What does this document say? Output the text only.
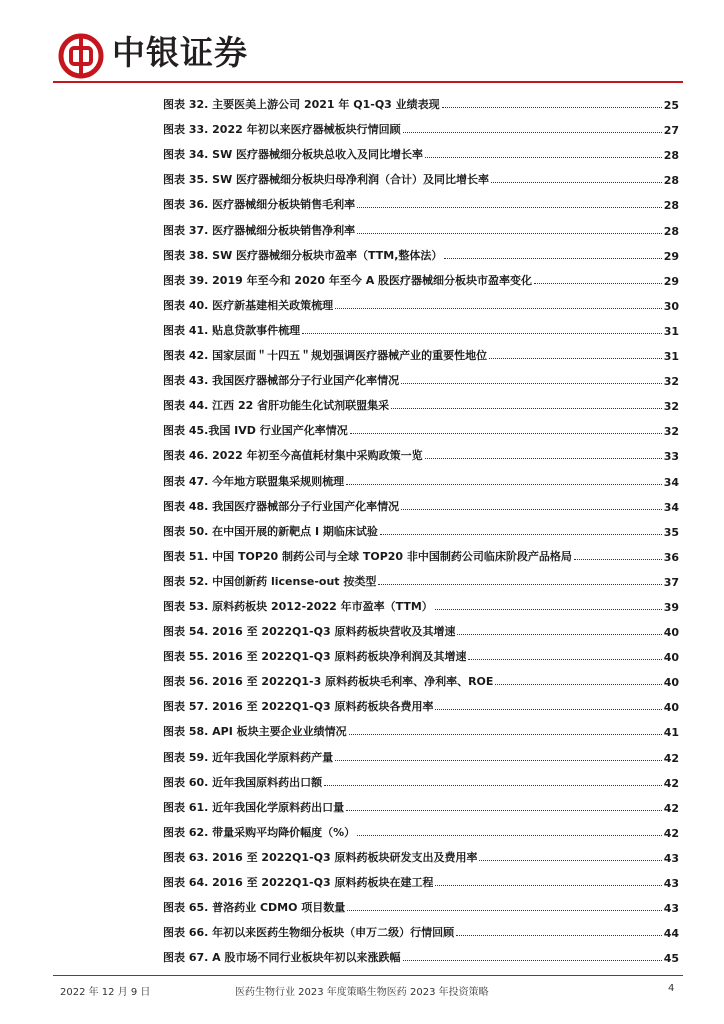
中银证券
图表 32. 主要医美上游公司 2021 年 Q1-Q3 业绩表现	25
图表 33. 2022 年初以来医疗器械板块行情回顾	27
图表 34. SW 医疗器械细分板块总收入及同比增长率	28
图表 35. SW 医疗器械细分板块归母净利润（合计）及同比增长率	28
图表 36. 医疗器械细分板块销售毛利率	28
图表 37. 医疗器械细分板块销售净利率	28
图表 38. SW 医疗器械细分板块市盈率（TTM,整体法）	29
图表 39. 2019 年至今和 2020 年至今 A 股医疗器械细分板块市盈率变化	29
图表 40. 医疗新基建相关政策梳理	30
图表 41. 贴息贷款事件梳理	31
图表 42. 国家层面＂十四五＂规划强调医疗器械产业的重要性地位	31
图表 43. 我国医疗器械部分子行业国产化率情况	32
图表 44. 江西 22 省肝功能生化试剂联盟集采	32
图表 45.我国 IVD 行业国产化率情况	32
图表 46. 2022 年初至今高值耗材集中采购政策一览	33
图表 47. 今年地方联盟集采规则梳理	34
图表 48. 我国医疗器械部分子行业国产化率情况	34
图表 50. 在中国开展的新靶点 I 期临床试验	35
图表 51. 中国 TOP20 制药公司与全球 TOP20 非中国制药公司临床阶段产品格局	36
图表 52. 中国创新药 license-out 按类型	37
图表 53. 原料药板块 2012-2022 年市盈率（TTM）	39
图表 54. 2016 至 2022Q1-Q3 原料药板块营收及其增速	40
图表 55. 2016 至 2022Q1-Q3 原料药板块净利润及其增速	40
图表 56. 2016 至 2022Q1-3 原料药板块毛利率、净利率、ROE	40
图表 57. 2016 至 2022Q1-Q3 原料药板块各费用率	40
图表 58. API 板块主要企业业绩情况	41
图表 59. 近年我国化学原料药产量	42
图表 60. 近年我国原料药出口额	42
图表 61. 近年我国化学原料药出口量	42
图表 62. 带量采购平均降价幅度（%）	42
图表 63. 2016 至 2022Q1-Q3 原料药板块研发支出及费用率	43
图表 64. 2016 至 2022Q1-Q3 原料药板块在建工程	43
图表 65. 普洛药业 CDMO 项目数量	43
图表 66. 年初以来医药生物细分板块（申万二级）行情回顾	44
图表 67. A 股市场不同行业板块年初以来涨跌幅	45
2022 年 12 月 9 日	医药生物行业 2023 年度策略生物医药 2023 年投资策略	4
